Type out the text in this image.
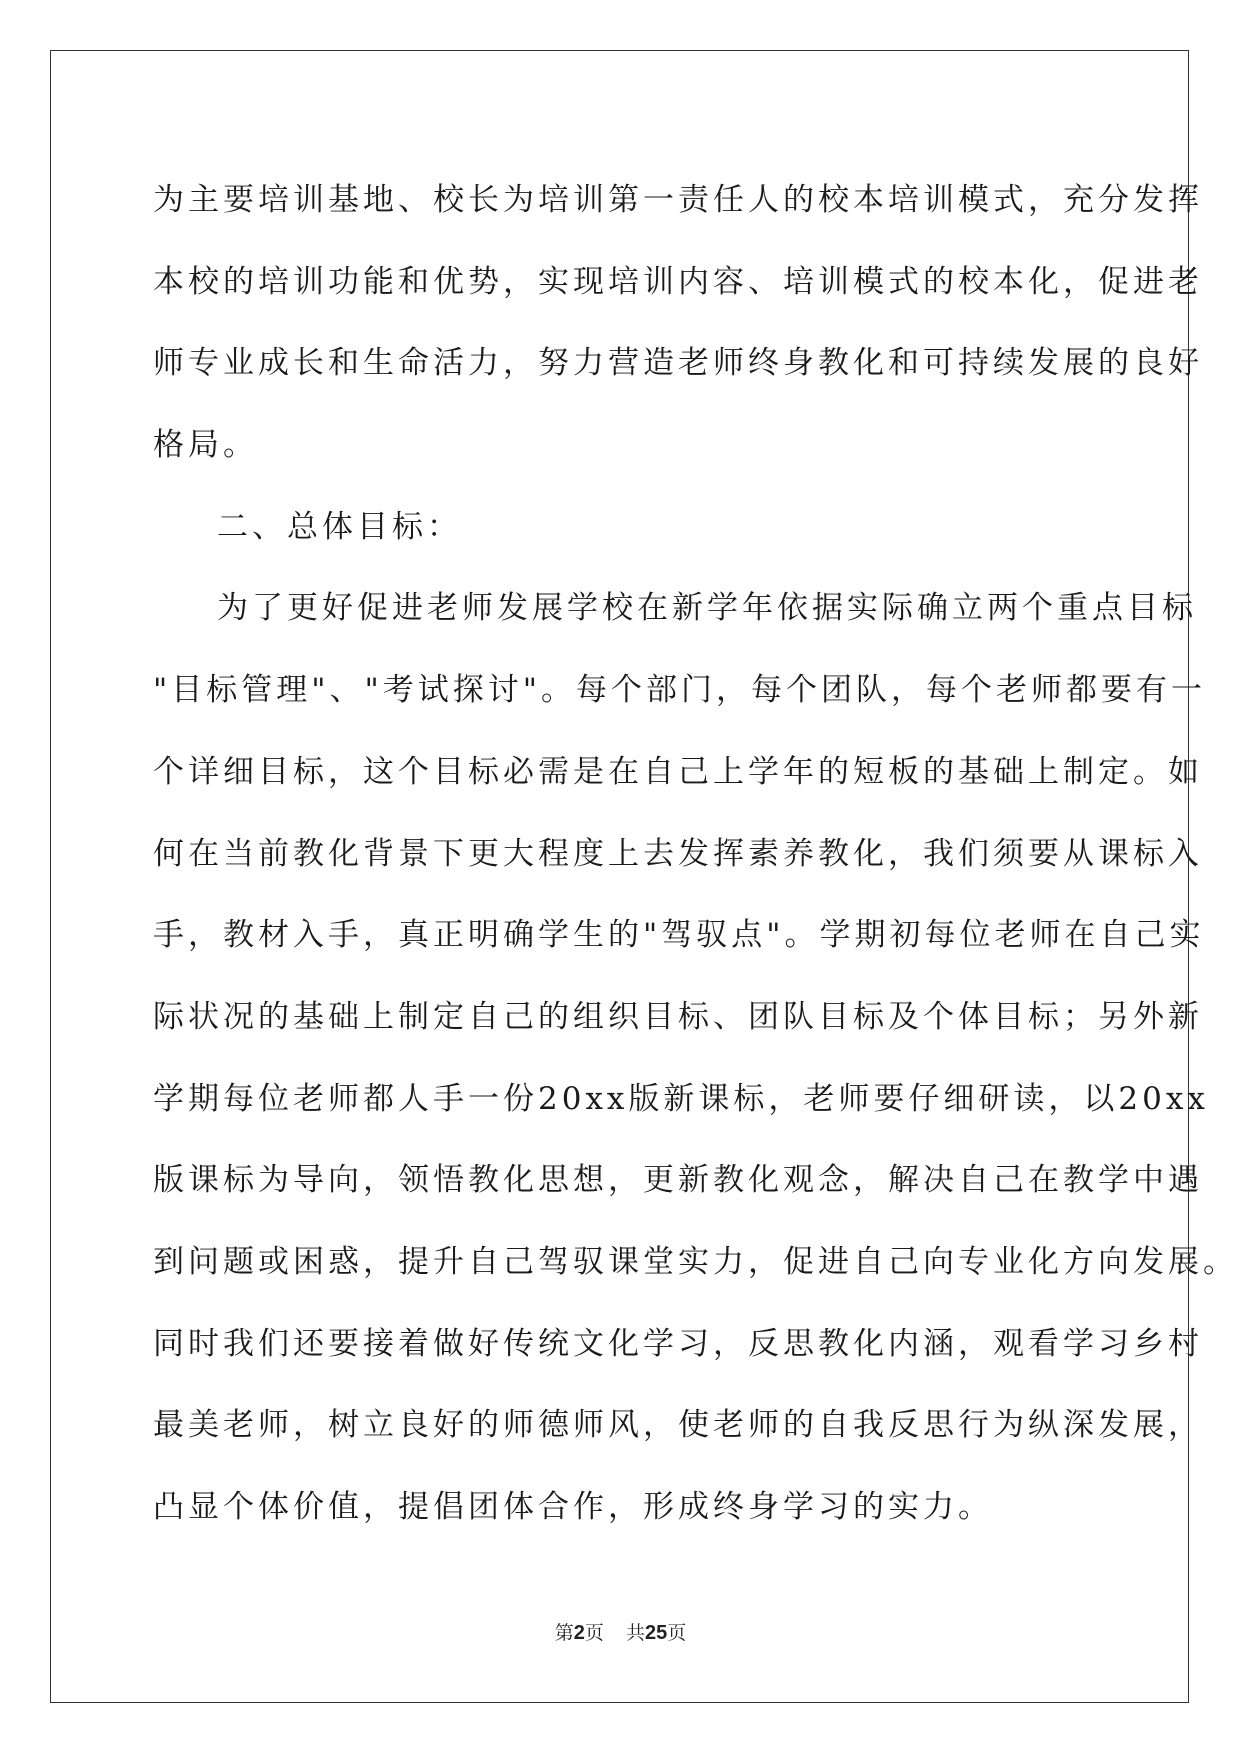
为主要培训基地、校长为培训第一责任人的校本培训模式，充分发挥
本校的培训功能和优势，实现培训内容、培训模式的校本化，促进老
师专业成长和生命活力，努力营造老师终身教化和可持续发展的良好
格局。
二、总体目标：
为了更好促进老师发展学校在新学年依据实际确立两个重点目标
"目标管理"、"考试探讨"。每个部门，每个团队，每个老师都要有一
个详细目标，这个目标必需是在自己上学年的短板的基础上制定。如
何在当前教化背景下更大程度上去发挥素养教化，我们须要从课标入
手，教材入手，真正明确学生的"驾驭点"。学期初每位老师在自己实
际状况的基础上制定自己的组织目标、团队目标及个体目标；另外新
学期每位老师都人手一份20xx版新课标，老师要仔细研读，以20xx
版课标为导向，领悟教化思想，更新教化观念，解决自己在教学中遇
到问题或困惑，提升自己驾驭课堂实力，促进自己向专业化方向发展。
同时我们还要接着做好传统文化学习，反思教化内涵，观看学习乡村
最美老师，树立良好的师德师风，使老师的自我反思行为纵深发展，
凸显个体价值，提倡团体合作，形成终身学习的实力。
第2页 共25页
